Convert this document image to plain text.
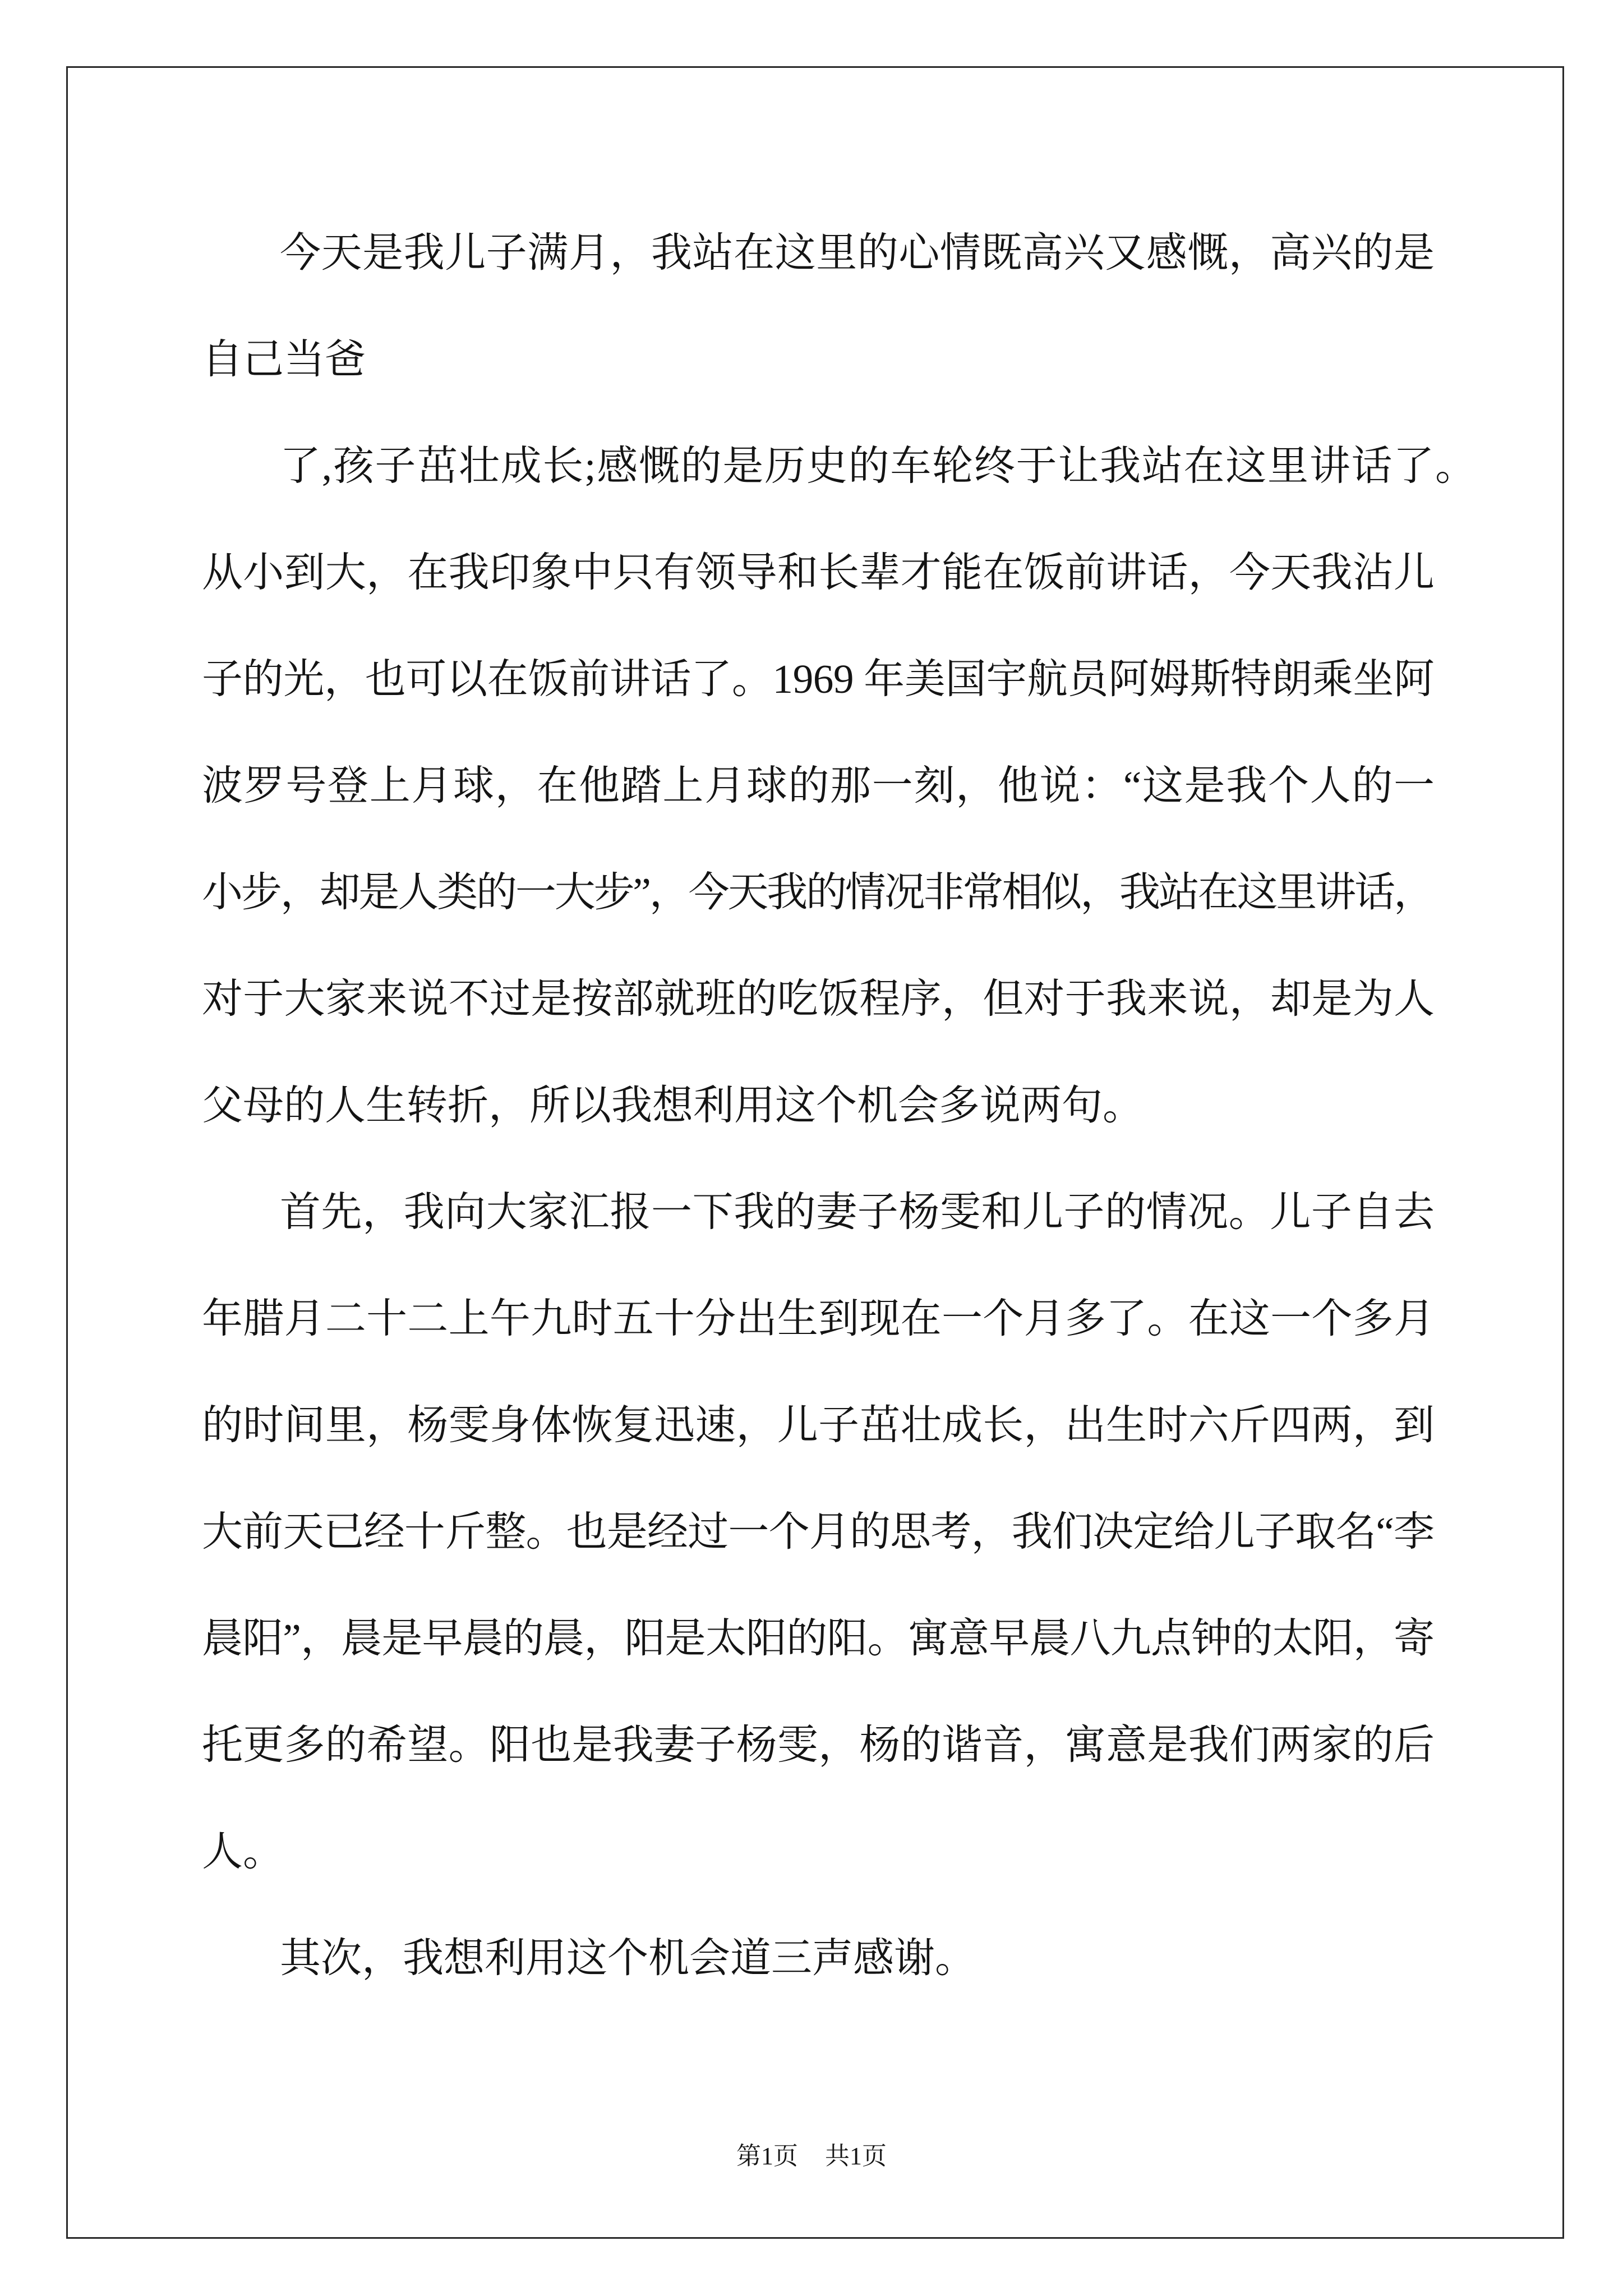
今天是我儿子满月，我站在这里的心情既高兴又感慨，高兴的是
自己当爸
了,孩子茁壮成长;感慨的是历史的车轮终于让我站在这里讲话了。
从小到大，在我印象中只有领导和长辈才能在饭前讲话，今天我沾儿
子的光，也可以在饭前讲话了。1969 年美国宇航员阿姆斯特朗乘坐阿
波罗号登上月球，在他踏上月球的那一刻，他说：“这是我个人的一
小步，却是人类的一大步”，今天我的情况非常相似，我站在这里讲话，
对于大家来说不过是按部就班的吃饭程序，但对于我来说，却是为人
父母的人生转折，所以我想利用这个机会多说两句。
首先，我向大家汇报一下我的妻子杨雯和儿子的情况。儿子自去
年腊月二十二上午九时五十分出生到现在一个月多了。在这一个多月
的时间里，杨雯身体恢复迅速，儿子茁壮成长，出生时六斤四两，到
大前天已经十斤整。也是经过一个月的思考，我们决定给儿子取名“李
晨阳”，晨是早晨的晨，阳是太阳的阳。寓意早晨八九点钟的太阳，寄
托更多的希望。阳也是我妻子杨雯，杨的谐音，寓意是我们两家的后
人。
其次，我想利用这个机会道三声感谢。
第1页 共1页
